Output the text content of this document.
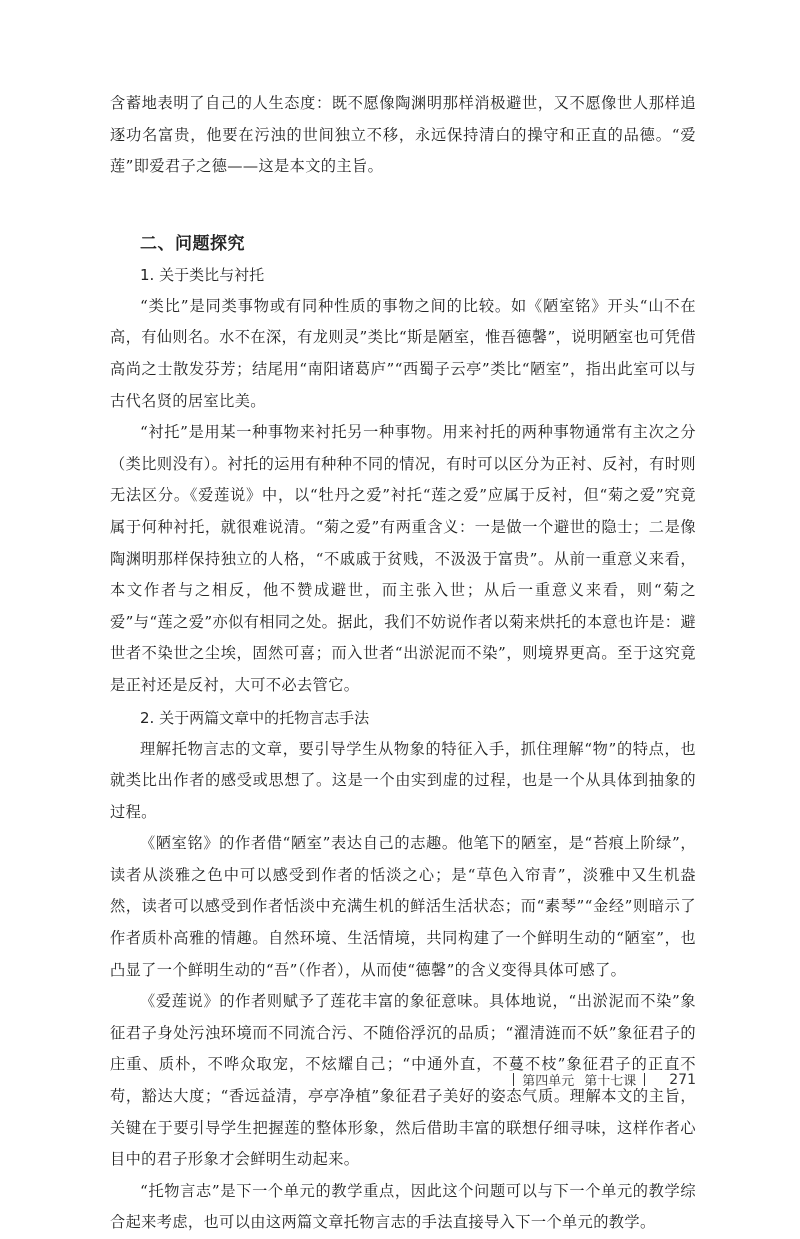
含蓄地表明了自己的人生态度：既不愿像陶渊明那样消极避世，又不愿像世人那样追逐功名富贵，他要在污浊的世间独立不移，永远保持清白的操守和正直的品德。“爱莲”即爱君子之德——这是本文的主旨。

二、问题探究
1. 关于类比与衬托

“类比”是同类事物或有同种性质的事物之间的比较。如《陋室铭》开头“山不在高，有仙则名。水不在深，有龙则灵”类比“斯是陋室，惟吾德馨”，说明陋室也可凭借高尚之士散发芬芳；结尾用“南阳诸葛庐”“西蜀子云亭”类比“陋室”，指出此室可以与古代名贤的居室比美。

“衬托”是用某一种事物来衬托另一种事物。用来衬托的两种事物通常有主次之分（类比则没有）。衬托的运用有种种不同的情况，有时可以区分为正衬、反衬，有时则无法区分。《爱莲说》中，以“牡丹之爱”衬托“莲之爱”应属于反衬，但“菊之爱”究竟属于何种衬托，就很难说清。“菊之爱”有两重含义：一是做一个避世的隐士；二是像陶渊明那样保持独立的人格，“不戚戚于贫贱，不汲汲于富贵”。从前一重意义来看，本文作者与之相反，他不赞成避世，而主张入世；从后一重意义来看，则“菊之爱”与“莲之爱”亦似有相同之处。据此，我们不妨说作者以菊来烘托的本意也许是：避世者不染世之尘埃，固然可喜；而入世者“出淤泥而不染”，则境界更高。至于这究竟是正衬还是反衬，大可不必去管它。

2. 关于两篇文章中的托物言志手法

理解托物言志的文章，要引导学生从物象的特征入手，抓住理解“物”的特点，也就类比出作者的感受或思想了。这是一个由实到虚的过程，也是一个从具体到抽象的过程。

《陋室铭》的作者借“陋室”表达自己的志趣。他笔下的陋室，是“苔痕上阶绿”，读者从淡雅之色中可以感受到作者的恬淡之心；是“草色入帘青”，淡雅中又生机盎然，读者可以感受到作者恬淡中充满生机的鲜活生活状态；而“素琴”“金经”则暗示了作者质朴高雅的情趣。自然环境、生活情境，共同构建了一个鲜明生动的“陋室”，也凸显了一个鲜明生动的“吾”（作者），从而使“德馨”的含义变得具体可感了。

《爱莲说》的作者则赋予了莲花丰富的象征意味。具体地说，“出淤泥而不染”象征君子身处污浊环境而不同流合污、不随俗浮沉的品质；“濯清涟而不妖”象征君子的庄重、质朴，不哗众取宠，不炫耀自己；“中通外直，不蔓不枝”象征君子的正直不苟，豁达大度；“香远益清，亭亭净植”象征君子美好的姿态气质。理解本文的主旨，关键在于要引导学生把握莲的整体形象，然后借助丰富的联想仔细寻味，这样作者心目中的君子形象才会鲜明生动起来。

“托物言志”是下一个单元的教学重点，因此这个问题可以与下一个单元的教学综合起来考虑，也可以由这两篇文章托物言志的手法直接导入下一个单元的教学。

第四单元 第十七课 271
